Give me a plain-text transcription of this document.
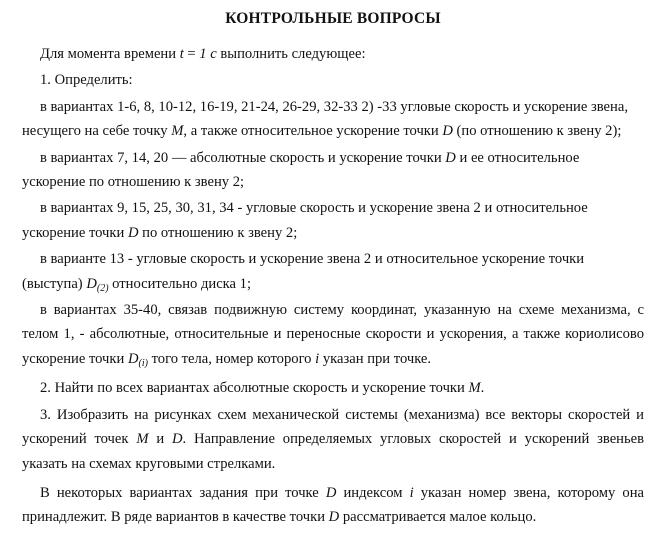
КОНТРОЛЬНЫЕ ВОПРОСЫ

Для момента времени t = 1 с выполнить следующее:

1. Определить:

в вариантах 1-6, 8, 10-12, 16-19, 21-24, 26-29, 32-33 2) -33 угловые скорость и ускорение звена, несущего на себе точку M, а также относительное ускорение точки D (по отношению к звену 2);

в вариантах 7, 14, 20 — абсолютные скорость и ускорение точки D и ее относительное ускорение по отношению к звену 2;

в вариантах 9, 15, 25, 30, 31, 34 - угловые скорость и ускорение звена 2 и относительное ускорение точки D по отношению к звену 2;

в варианте 13 - угловые скорость и ускорение звена 2 и относительное ускорение точки (выступа) $D_{(2)}$ относительно диска 1;

в вариантах 35-40, связав подвижную систему координат, указанную на схеме механизма, с телом 1, - абсолютные, относительные и переносные скорости и ускорения, а также кориолисово ускорение точки $D_{(i)}$ того тела, номер которого i указан при точке.

2. Найти по всех вариантах абсолютные скорость и ускорение точки M.

3. Изобразить на рисунках схем механической системы (механизма) все векторы скоростей и ускорений точек M и D. Направление определяемых угловых скоростей и ускорений звеньев указать на схемах круговыми стрелками.

В некоторых вариантах задания при точке D индексом i указан номер звена, которому она принадлежит. В ряде вариантов в качестве точки D рассматривается малое кольцо.
